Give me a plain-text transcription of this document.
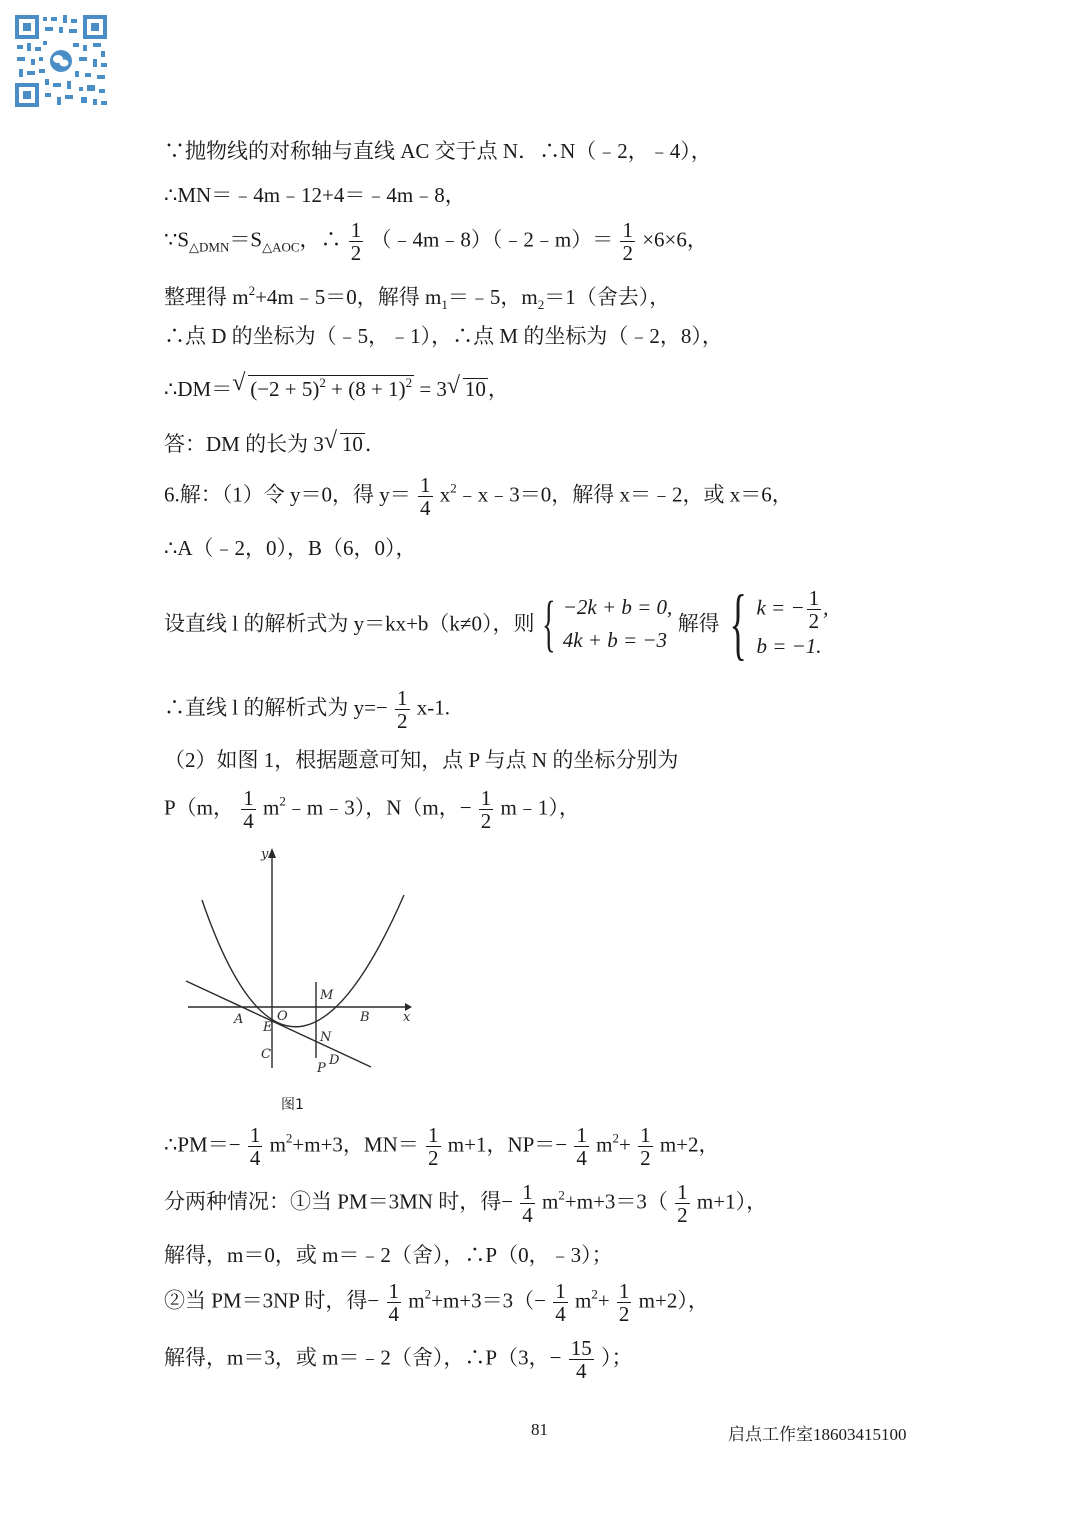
∵抛物线的对称轴与直线 AC 交于点 N．∴N（﹣2，﹣4），
∴MN＝﹣4m﹣12+4＝﹣4m﹣8，
$\because S_{\triangle DMN}=S_{\triangle AOC}$，∴ $\frac{1}{2}$ （﹣4m﹣8）（﹣2﹣m）＝ $\frac{1}{2} \times 6\times 6$，
整理得 $m^2+4m﹣5=0$，解得 $m_1=﹣5$，$m_2=1$（舍去），
∴点 D 的坐标为（﹣5，﹣1），∴点 M 的坐标为（﹣2，8），
∴DM＝ √ $(-2 + 5)^2 + (8 + 1)^2 = 3$ √ 10，
答：DM 的长为 3 √ 10．
6.解：（1）令 y＝0，得 $y= \frac{1}{4}$ $x^2﹣x﹣3=0$，解得 x＝﹣2，或 x＝6，
∴A（﹣2，0），B（6，0），
设直线 l 的解析式为 y＝kx+b（k≠0），则 { −2k + b = 0,
4k + b = −3
解得 { k = − $\frac{1}{2}$ ,
b = −1.
∴直线 l 的解析式为 $y=- \frac{1}{2} x-1$.
（2）如图 1，根据题意可知，点 P 与点 N 的坐标分别为
P（m， $\frac{1}{4}$ $m^2﹣m﹣3$），N（m，− $\frac{1}{2}$ m﹣1），
y
x
O
A	B
C
E
M
N
P
D
图1
∴PM＝− $\frac{1}{4} m^2+m+3$，$MN= \frac{1}{2} m+1$，$NP=- \frac{1}{4} m^2+ \frac{1}{2} m+2$，
分两种情况：①当 PM＝3MN 时，得− $\frac{1}{4} m^2+m+3=3( \frac{1}{2} m+1)$，
解得，m＝0，或 m＝﹣2（舍），∴P（0，﹣3）；
②当 PM＝3NP 时，得− $\frac{1}{4} m^2+m+3=3(- \frac{1}{4} m^2+ \frac{1}{2} m+2)$，
解得，m＝3，或 m＝﹣2（舍），∴P（3，− $\frac{15}{4}$ ）；
81	启点工作室18603415100
